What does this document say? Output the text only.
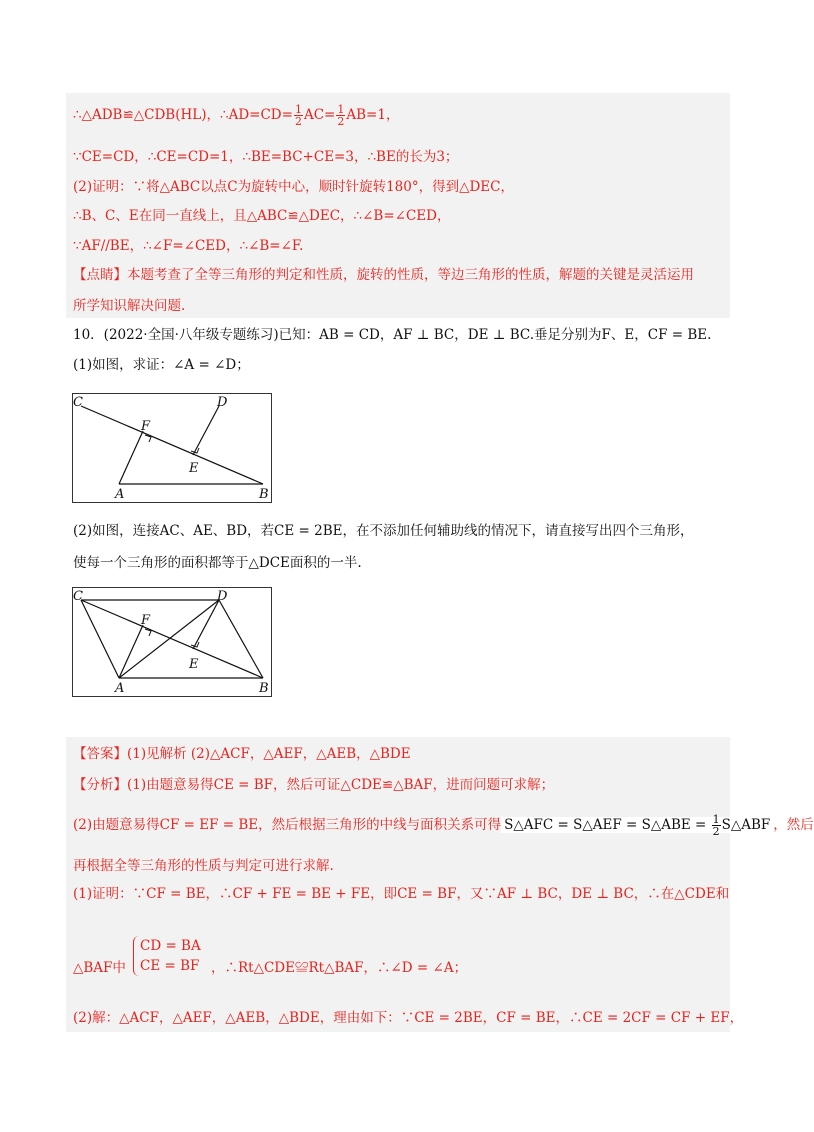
∴△ADB≌△CDB(HL)，∴AD=CD= $\frac{1}{2} AC= \frac{1}{2} AB=1$，
∵CE=CD，∴CE=CD=1，∴BE=BC+CE=3，∴BE的长为3；
(2)证明：∵将△ABC以点C为旋转中心，顺时针旋转180°，得到△DEC，
∴B、C、E在同一直线上，且△ABC≌△DEC，∴∠B=∠CED，
∵AF//BE，∴∠F=∠CED，∴∠B=∠F.
【点睛】本题考查了全等三角形的判定和性质，旋转的性质，等边三角形的性质，解题的关键是灵活运用
所学知识解决问题.
10．(2022·全国·八年级专题练习)已知：AB = CD，AF ⊥ BC，DE ⊥ BC.垂足分别为F、E，CF = BE.
(1)如图，求证：∠A = ∠D；
C	D
F
E
A	B
(2)如图，连接AC、AE、BD，若CE = 2BE，在不添加任何辅助线的情况下，请直接写出四个三角形，
使每一个三角形的面积都等于△DCE面积的一半.
C	D
F
E
A	B
【答案】(1)见解析 (2)△ACF，△AEF，△AEB，△BDE
【分析】(1)由题意易得CE = BF，然后可证△CDE≌△BAF，进而问题可求解；
(2)由题意易得CF = EF = BE，然后根据三角形的中线与面积关系可得 S△AFC = S△AEF = S△ABE = $\frac{1}{2}$ S△ABF ，然后
再根据全等三角形的性质与判定可进行求解.
(1)证明：∵CF = BE，∴CF + FE = BE + FE，即CE = BF，又∵AF ⊥ BC，DE ⊥ BC，∴在△CDE和
△BAF中
CD = BA
CE = BF ，∴Rt△CDE≌Rt△BAF，∴∠D = ∠A；
(2)解：△ACF，△AEF，△AEB，△BDE，理由如下：∵CE = 2BE，CF = BE，∴CE = 2CF = CF + EF，
